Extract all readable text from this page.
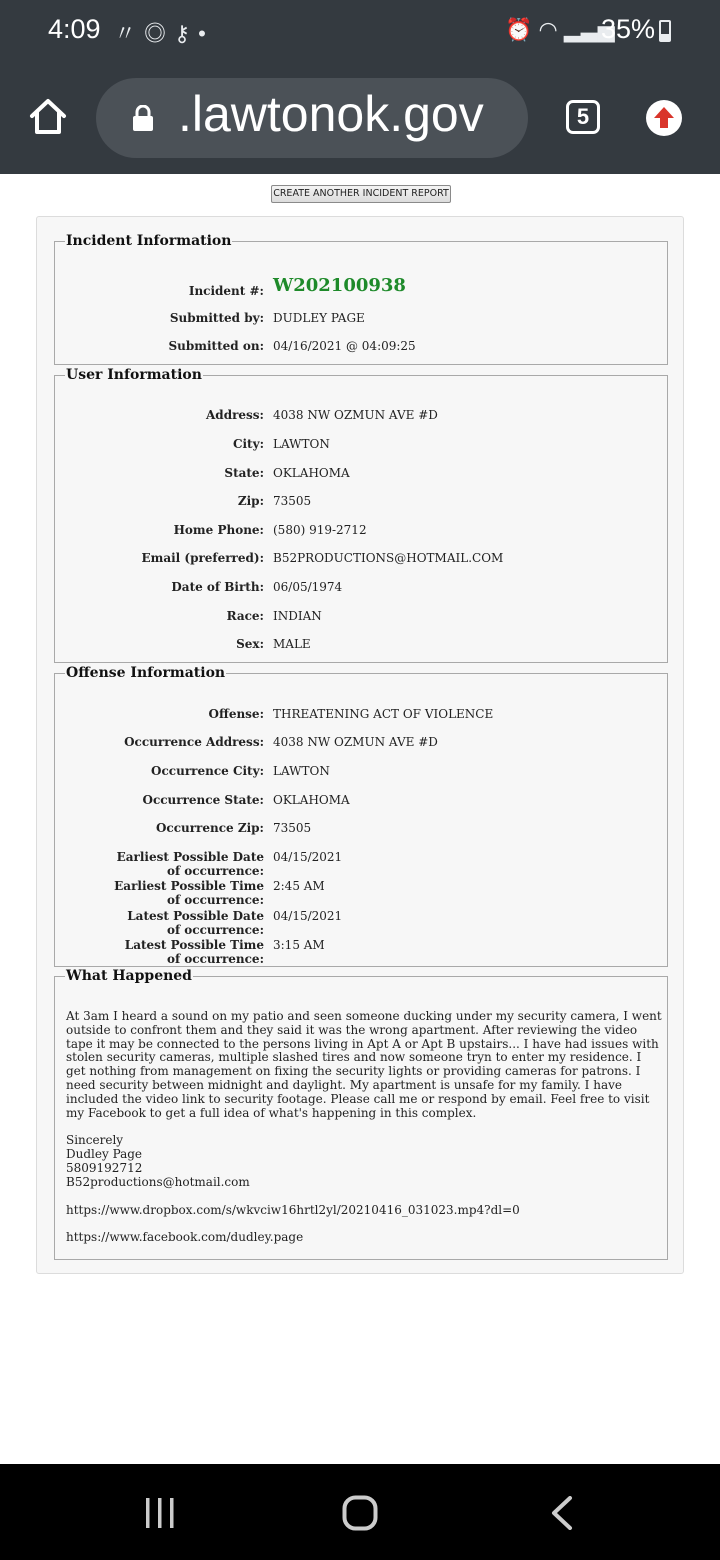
4:09 〃◎⚷•	⏰ ◠ ▂▃▅
35%
.lawtonok.gov	5
CREATE ANOTHER INCIDENT REPORT
Incident Information
Incident #: W202100938
Submitted by: DUDLEY PAGE
Submitted on: 04/16/2021 @ 04:09:25
User Information
Address: 4038 NW OZMUN AVE #D
City: LAWTON
State: OKLAHOMA
Zip: 73505
Home Phone: (580) 919-2712
Email (preferred): B52PRODUCTIONS@HOTMAIL.COM
Date of Birth: 06/05/1974
Race: INDIAN
Sex: MALE
Offense Information
Offense: THREATENING ACT OF VIOLENCE
Occurrence Address: 4038 NW OZMUN AVE #D
Occurrence City: LAWTON
Occurrence State: OKLAHOMA
Occurrence Zip: 73505
Earliest Possible Date of occurrence:
04/15/2021
Earliest Possible Time of occurrence:
2:45 AM
Latest Possible Date of occurrence:
04/15/2021
Latest Possible Time of occurrence:
3:15 AM
What Happened

At 3am I heard a sound on my patio and seen someone ducking under my security camera, I went outside to confront them and they said it was the wrong apartment. After reviewing the video tape it may be connected to the persons living in Apt A or Apt B upstairs... I have had issues with stolen security cameras, multiple slashed tires and now someone tryn to enter my residence. I get nothing from management on fixing the security lights or providing cameras for patrons. I need security between midnight and daylight. My apartment is unsafe for my family. I have included the video link to security footage. Please call me or respond by email. Feel free to visit my Facebook to get a full idea of what's happening in this complex.

Sincerely
Dudley Page
5809192712
B52productions@hotmail.com

https://www.dropbox.com/s/wkvciw16hrtl2yl/20210416_031023.mp4?dl=0

https://www.facebook.com/dudley.page
